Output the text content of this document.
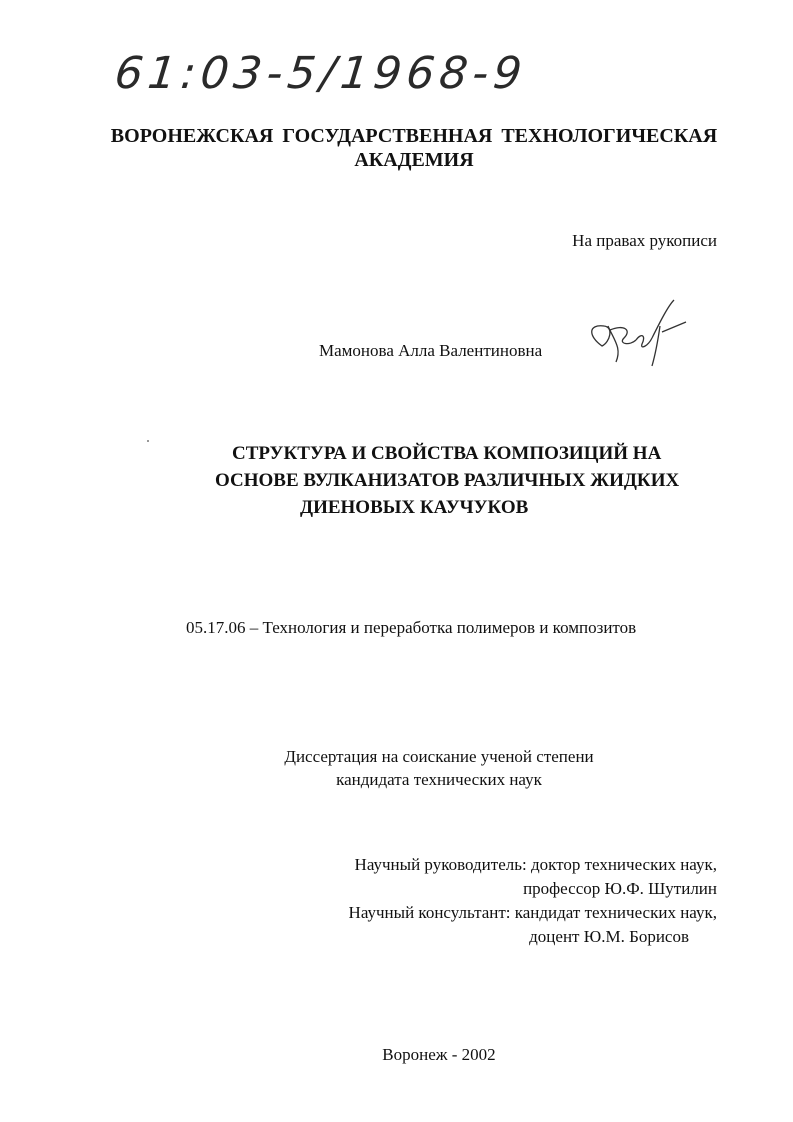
61:03-5/1968-9
ВОРОНЕЖСКАЯ ГОСУДАРСТВЕННАЯ ТЕХНОЛОГИЧЕСКАЯ
АКАДЕМИЯ
На правах рукописи
Мамонова Алла Валентиновна
СТРУКТУРА И СВОЙСТВА КОМПОЗИЦИЙ НА
ОСНОВЕ ВУЛКАНИЗАТОВ РАЗЛИЧНЫХ ЖИДКИХ
ДИЕНОВЫХ КАУЧУКОВ
05.17.06 – Технология и переработка полимеров и композитов
Диссертация на соискание ученой степени
кандидата технических наук
Научный руководитель: доктор технических наук,
профессор Ю.Ф. Шутилин
Научный консультант: кандидат технических наук,
доцент Ю.М. Борисов
Воронеж - 2002
